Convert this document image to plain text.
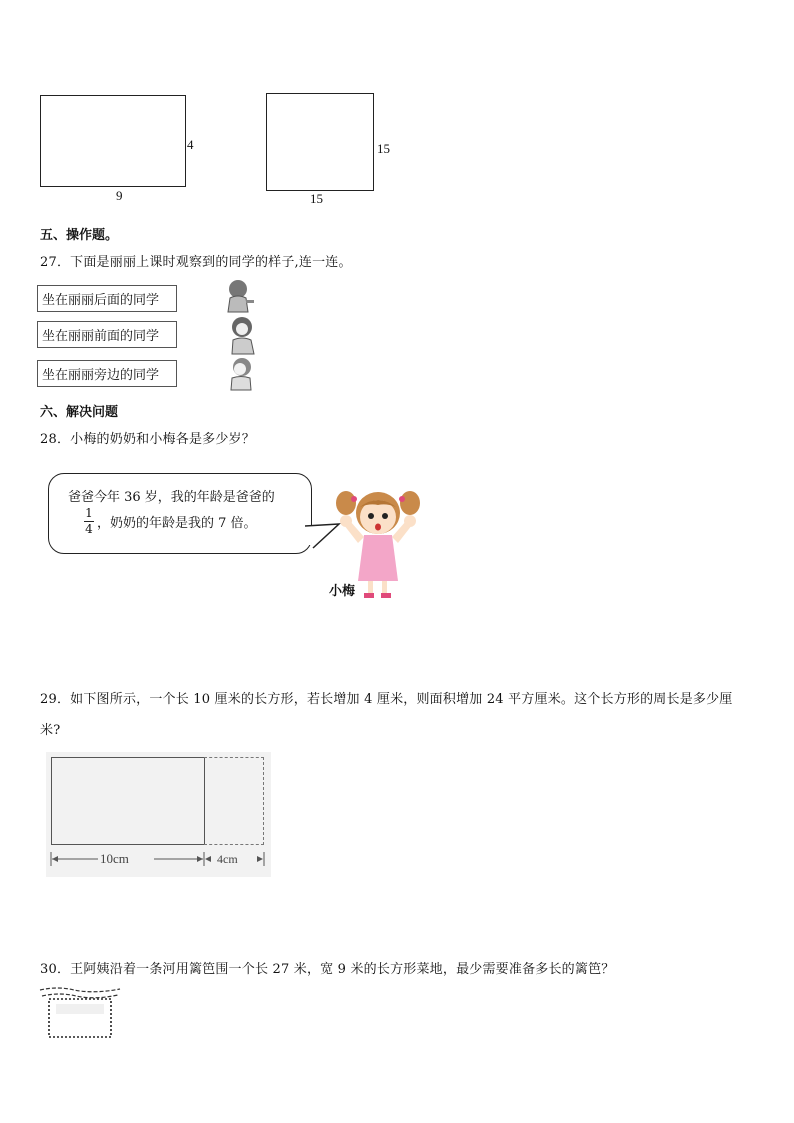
4
9
15
15
五、操作题。
27．下面是丽丽上课时观察到的同学的样子,连一连。
坐在丽丽后面的同学
坐在丽丽前面的同学
坐在丽丽旁边的同学
六、解决问题
28．小梅的奶奶和小梅各是多少岁？
爸爸今年 36 岁，我的年龄是爸爸的
$\frac{1}{4}$ ，奶奶的年龄是我的 7 倍。
小梅
29．如下图所示，一个长 10 厘米的长方形，若长增加 4 厘米，则面积增加 24 平方厘米。这个长方形的周长是多少厘
米?
10cm	4cm
30．王阿姨沿着一条河用篱笆围一个长 27 米，宽 9 米的长方形菜地，最少需要准备多长的篱笆？
